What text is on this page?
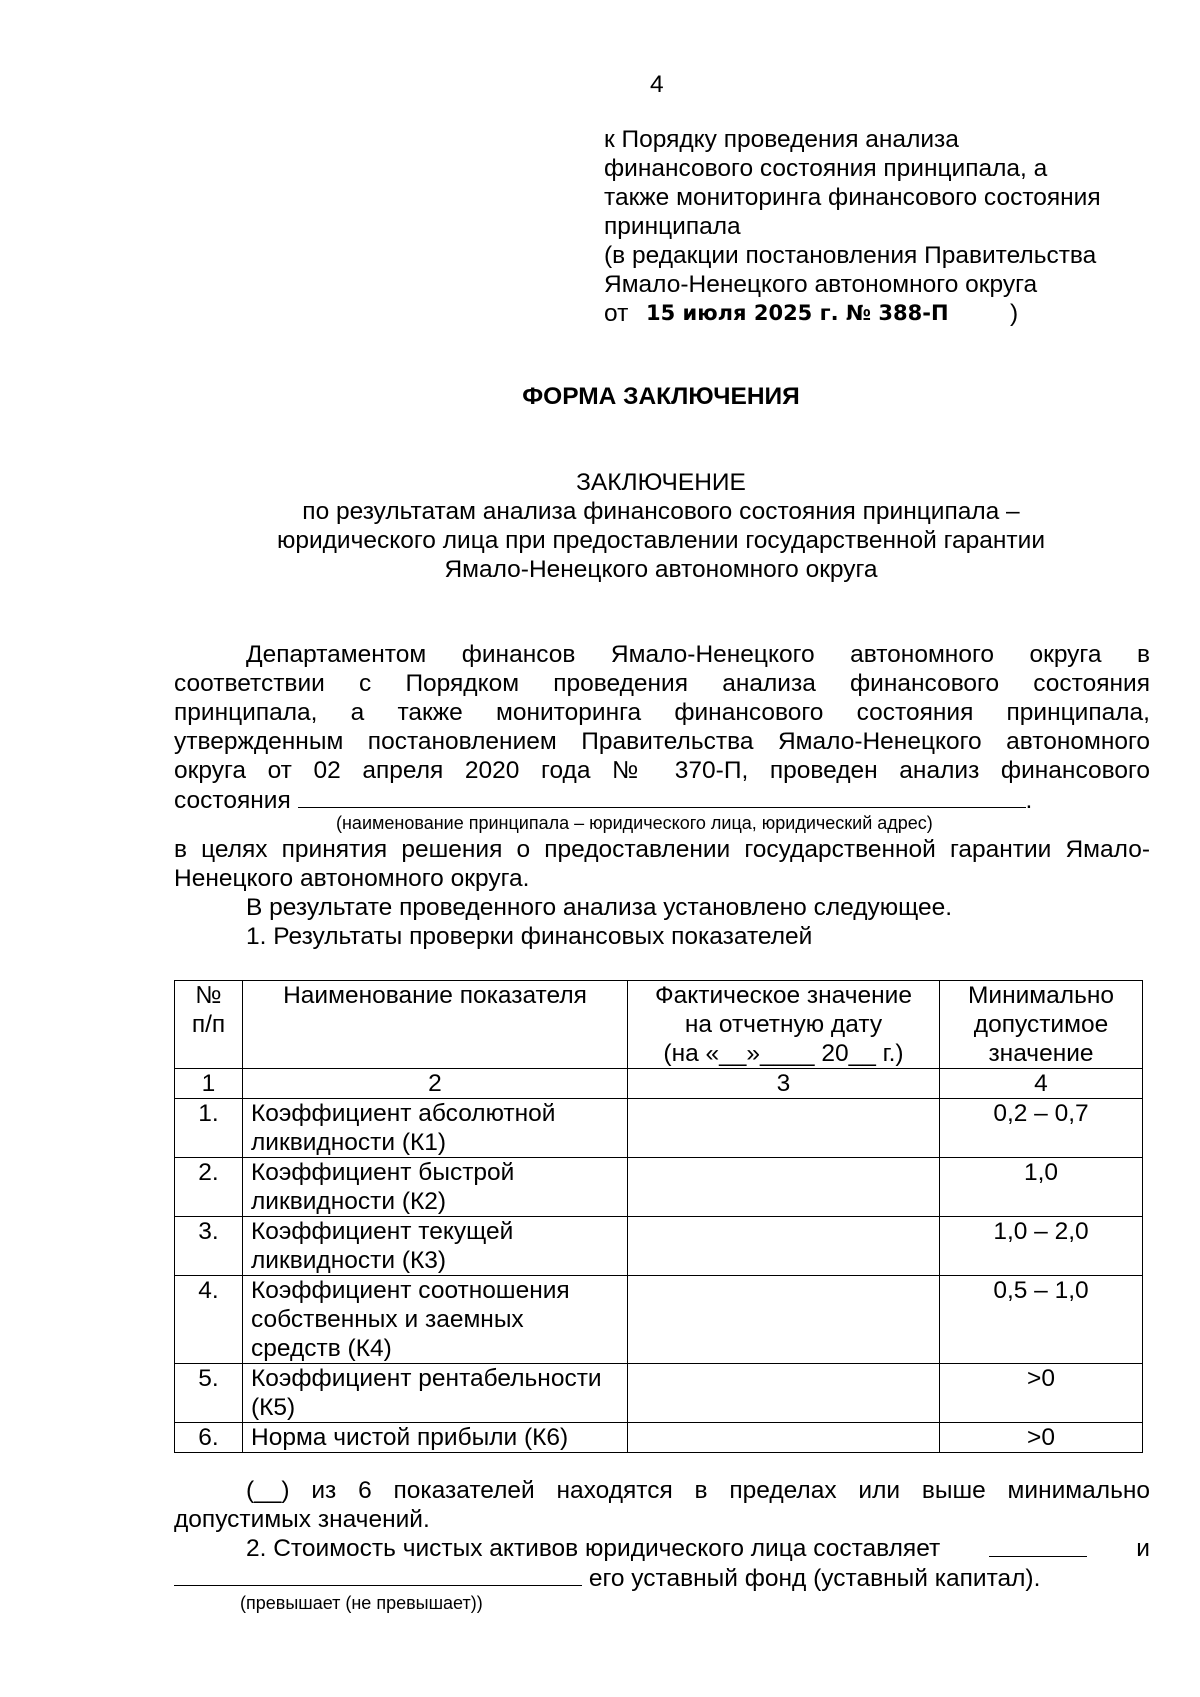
4
к Порядку проведения анализа
финансового состояния принципала, а
также мониторинга финансового состояния
принципала
(в редакции постановления Правительства
Ямало-Ненецкого автономного округа
от 15 июля 2025 г. № 388-П	)
ФОРМА ЗАКЛЮЧЕНИЯ
ЗАКЛЮЧЕНИЕ
по результатам анализа финансового состояния принципала –
юридического лица при предоставлении государственной гарантии
Ямало-Ненецкого автономного округа
Департаментом финансов Ямало-Ненецкого автономного округа в
соответствии с Порядком проведения анализа финансового состояния
принципала, а также мониторинга финансового состояния принципала,
утвержденным постановлением Правительства Ямало-Ненецкого автономного
округа от 02 апреля 2020 года № 370-П, проведен анализ финансового
состояния	.
(наименование принципала – юридического лица, юридический адрес)
в целях принятия решения о предоставлении государственной гарантии Ямало-
Ненецкого автономного округа.
В результате проведенного анализа установлено следующее.
1. Результаты проверки финансовых показателей
№ п/п	Наименование показателя	Фактическое значение
на отчетную дату
(на «__»____ 20__ г.)	Минимально допустимое значение
1	2	3	4
1.	Коэффициент абсолютной ликвидности (К1)		0,2 – 0,7
2.	Коэффициент быстрой ликвидности (К2)		1,0
3.	Коэффициент текущей ликвидности (К3)		1,0 – 2,0
4.	Коэффициент соотношения собственных и заемных средств (К4)		0,5 – 1,0
5.	Коэффициент рентабельности (К5)		>0
6.	Норма чистой прибыли (К6)		>0
(__) из 6 показателей находятся в пределах или выше минимально
допустимых значений.
2. Стоимость чистых активов юридического лица составляет	и
его уставный фонд (уставный капитал).
(превышает (не превышает))
